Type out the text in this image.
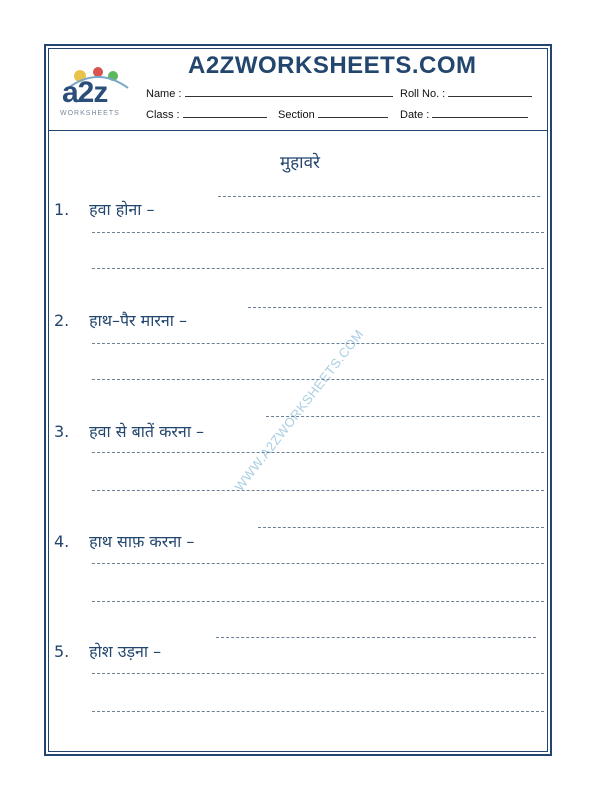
a2z
WORKSHEETS
A2ZWORKSHEETS.COM
Name :	Roll No. :
Class :	Section	Date :
मुहावरे
WWW.A2ZWORKSHEETS.COM
1. हवा होना –
2. हाथ–पैर मारना –
3. हवा से बातें करना –
4. हाथ साफ़ करना –
5. होश उड़ना –
